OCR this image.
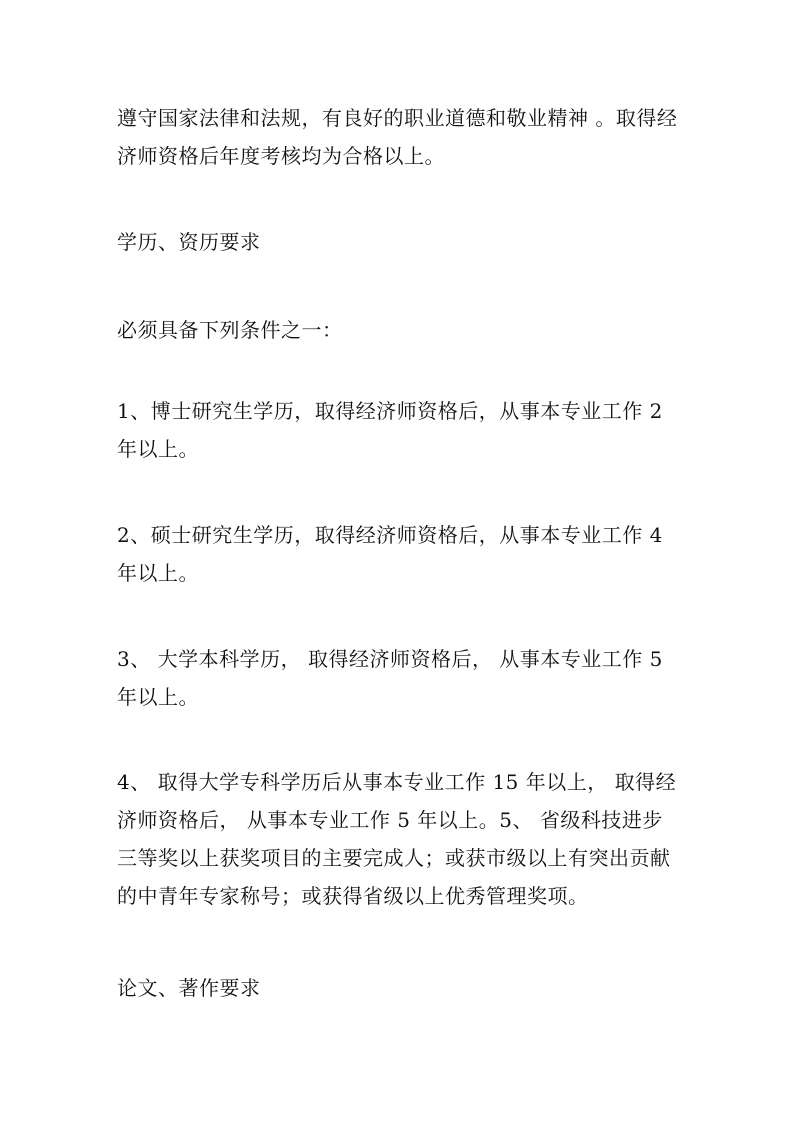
遵守国家法律和法规，有良好的职业道德和敬业精神 。取得经济师资格后年度考核均为合格以上。

学历、资历要求

必须具备下列条件之一：

1、博士研究生学历，取得经济师资格后，从事本专业工作 2 年以上。

2、硕士研究生学历，取得经济师资格后，从事本专业工作 4 年以上。

3、 大学本科学历， 取得经济师资格后， 从事本专业工作 5 年以上。

4、 取得大学专科学历后从事本专业工作 15 年以上， 取得经济师资格后， 从事本专业工作 5 年以上。5、 省级科技进步三等奖以上获奖项目的主要完成人；或获市级以上有突出贡献的中青年专家称号；或获得省级以上优秀管理奖项。

论文、著作要求
